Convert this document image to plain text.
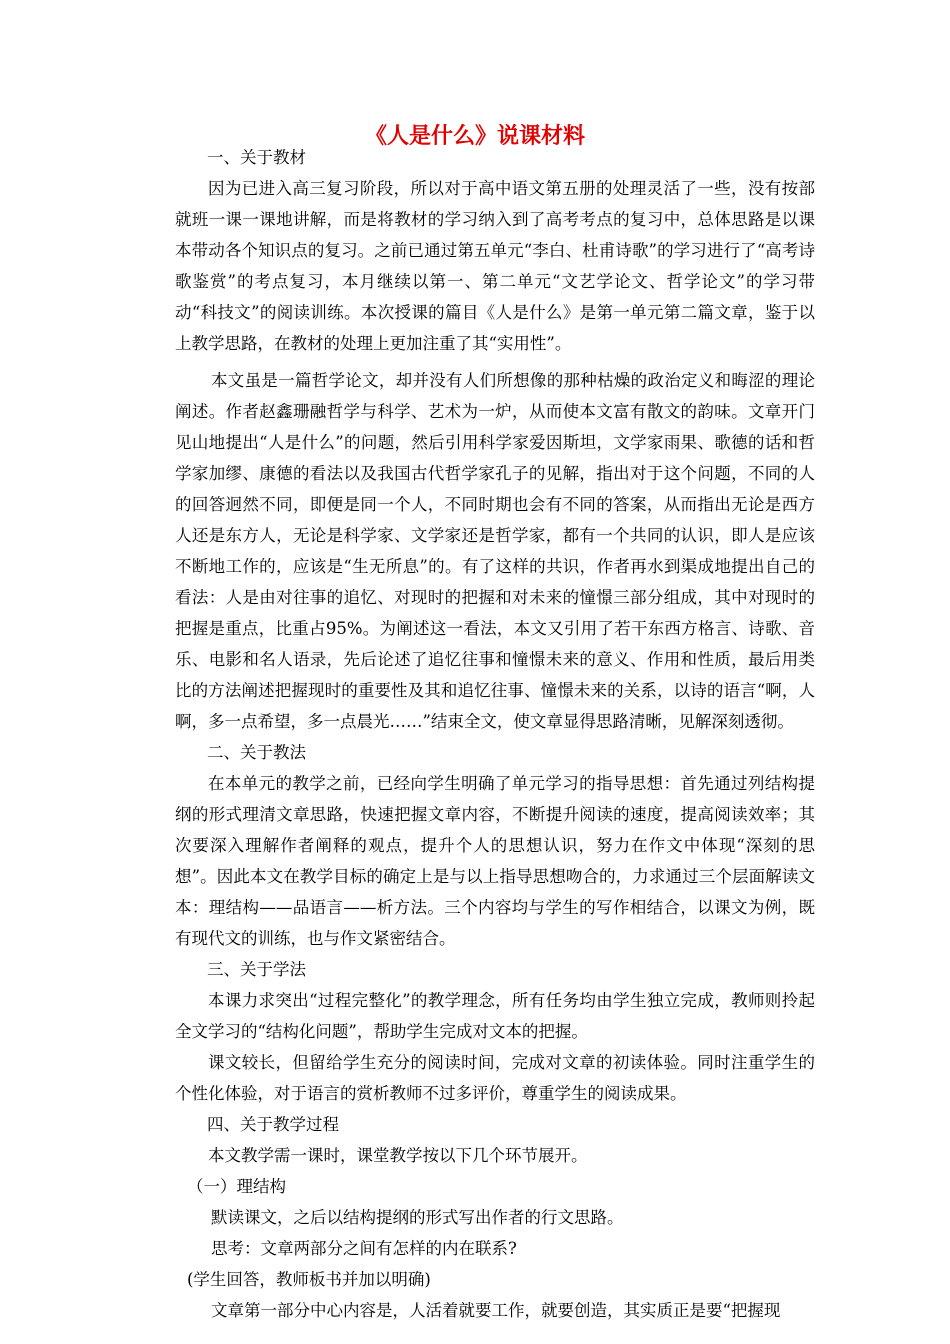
《人是什么》说课材料

一、关于教材

因为已进入高三复习阶段，所以对于高中语文第五册的处理灵活了一些，没有按部就班一课一课地讲解，而是将教材的学习纳入到了高考考点的复习中，总体思路是以课本带动各个知识点的复习。之前已通过第五单元“李白、杜甫诗歌”的学习进行了“高考诗歌鉴赏”的考点复习，本月继续以第一、第二单元“文艺学论文、哲学论文”的学习带动“科技文”的阅读训练。本次授课的篇目《人是什么》是第一单元第二篇文章，鉴于以上教学思路，在教材的处理上更加注重了其“实用性”。

本文虽是一篇哲学论文，却并没有人们所想像的那种枯燥的政治定义和晦涩的理论阐述。作者赵鑫珊融哲学与科学、艺术为一炉，从而使本文富有散文的韵味。文章开门见山地提出“人是什么”的问题，然后引用科学家爱因斯坦，文学家雨果、歌德的话和哲学家加缪、康德的看法以及我国古代哲学家孔子的见解，指出对于这个问题，不同的人的回答迥然不同，即便是同一个人，不同时期也会有不同的答案，从而指出无论是西方人还是东方人，无论是科学家、文学家还是哲学家，都有一个共同的认识，即人是应该不断地工作的，应该是“生无所息”的。有了这样的共识，作者再水到渠成地提出自己的看法：人是由对往事的追忆、对现时的把握和对未来的憧憬三部分组成，其中对现时的把握是重点，比重占95%。为阐述这一看法，本文又引用了若干东西方格言、诗歌、音乐、电影和名人语录，先后论述了追忆往事和憧憬未来的意义、作用和性质，最后用类比的方法阐述把握现时的重要性及其和追忆往事、憧憬未来的关系，以诗的语言“啊，人啊，多一点希望，多一点晨光……”结束全文，使文章显得思路清晰，见解深刻透彻。

二、关于教法

在本单元的教学之前，已经向学生明确了单元学习的指导思想：首先通过列结构提纲的形式理清文章思路，快速把握文章内容，不断提升阅读的速度，提高阅读效率；其次要深入理解作者阐释的观点，提升个人的思想认识，努力在作文中体现“深刻的思想”。因此本文在教学目标的确定上是与以上指导思想吻合的，力求通过三个层面解读文本：理结构——品语言——析方法。三个内容均与学生的写作相结合，以课文为例，既有现代文的训练，也与作文紧密结合。

三、关于学法

本课力求突出“过程完整化”的教学理念，所有任务均由学生独立完成，教师则拎起全文学习的“结构化问题”，帮助学生完成对文本的把握。

课文较长，但留给学生充分的阅读时间，完成对文章的初读体验。同时注重学生的个性化体验，对于语言的赏析教师不过多评价，尊重学生的阅读成果。

四、关于教学过程

本文教学需一课时，课堂教学按以下几个环节展开。

（一）理结构

默读课文，之后以结构提纲的形式写出作者的行文思路。

思考：文章两部分之间有怎样的内在联系?

(学生回答，教师板书并加以明确)

文章第一部分中心内容是，人活着就要工作，就要创造，其实质正是要“把握现
